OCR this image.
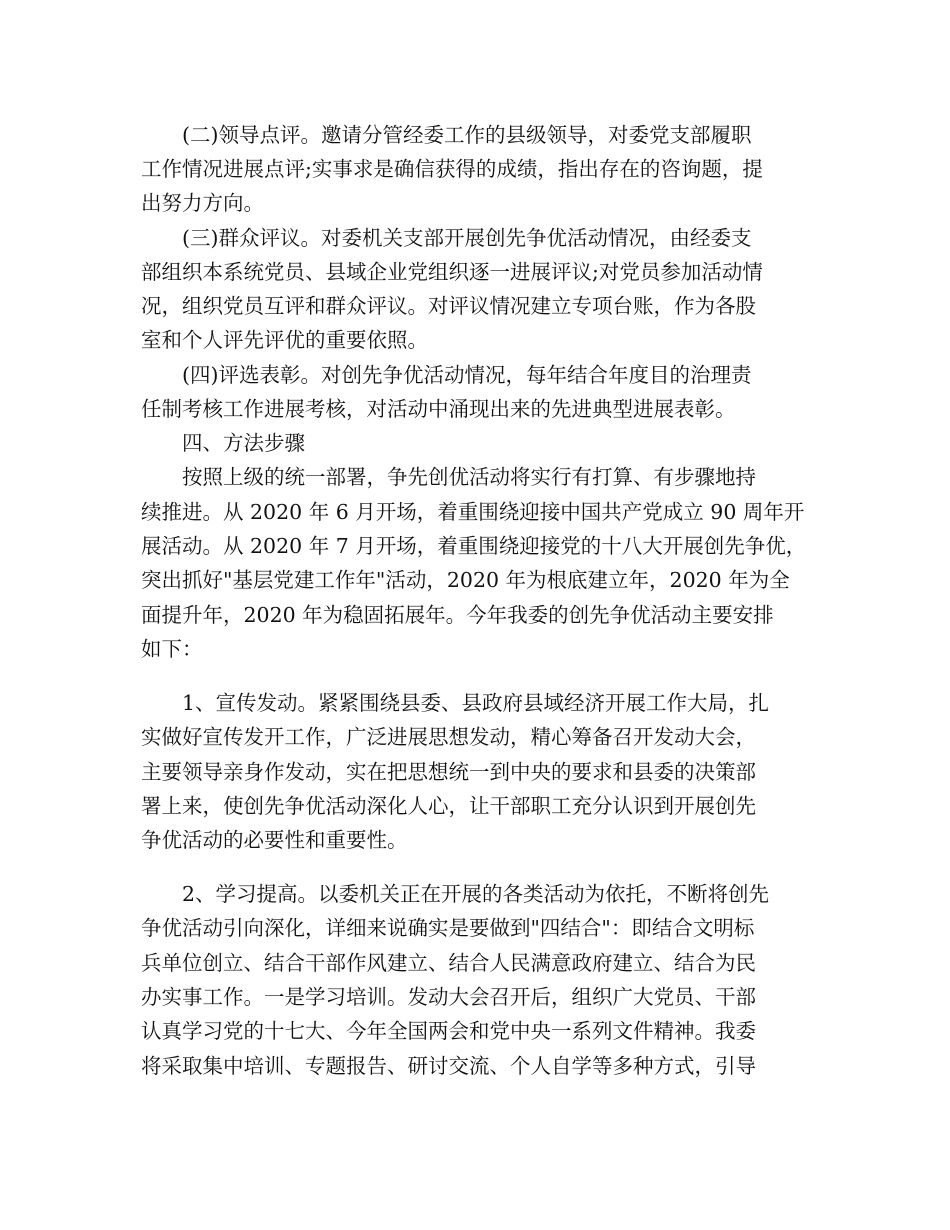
(二)领导点评。邀请分管经委工作的县级领导，对委党支部履职
工作情况进展点评;实事求是确信获得的成绩，指出存在的咨询题，提
出努力方向。
(三)群众评议。对委机关支部开展创先争优活动情况，由经委支
部组织本系统党员、县域企业党组织逐一进展评议;对党员参加活动情
况，组织党员互评和群众评议。对评议情况建立专项台账，作为各股
室和个人评先评优的重要依照。
(四)评选表彰。对创先争优活动情况，每年结合年度目的治理责
任制考核工作进展考核，对活动中涌现出来的先进典型进展表彰。
四、方法步骤
按照上级的统一部署，争先创优活动将实行有打算、有步骤地持
续推进。从 2020 年 6 月开场，着重围绕迎接中国共产党成立 90 周年开
展活动。从 2020 年 7 月开场，着重围绕迎接党的十八大开展创先争优，
突出抓好"基层党建工作年"活动，2020 年为根底建立年，2020 年为全
面提升年，2020 年为稳固拓展年。今年我委的创先争优活动主要安排
如下：
1、宣传发动。紧紧围绕县委、县政府县域经济开展工作大局，扎
实做好宣传发开工作，广泛进展思想发动，精心筹备召开发动大会，
主要领导亲身作发动，实在把思想统一到中央的要求和县委的决策部
署上来，使创先争优活动深化人心，让干部职工充分认识到开展创先
争优活动的必要性和重要性。
2、学习提高。以委机关正在开展的各类活动为依托，不断将创先
争优活动引向深化，详细来说确实是要做到"四结合"：即结合文明标
兵单位创立、结合干部作风建立、结合人民满意政府建立、结合为民
办实事工作。一是学习培训。发动大会召开后，组织广大党员、干部
认真学习党的十七大、今年全国两会和党中央一系列文件精神。我委
将采取集中培训、专题报告、研讨交流、个人自学等多种方式，引导
